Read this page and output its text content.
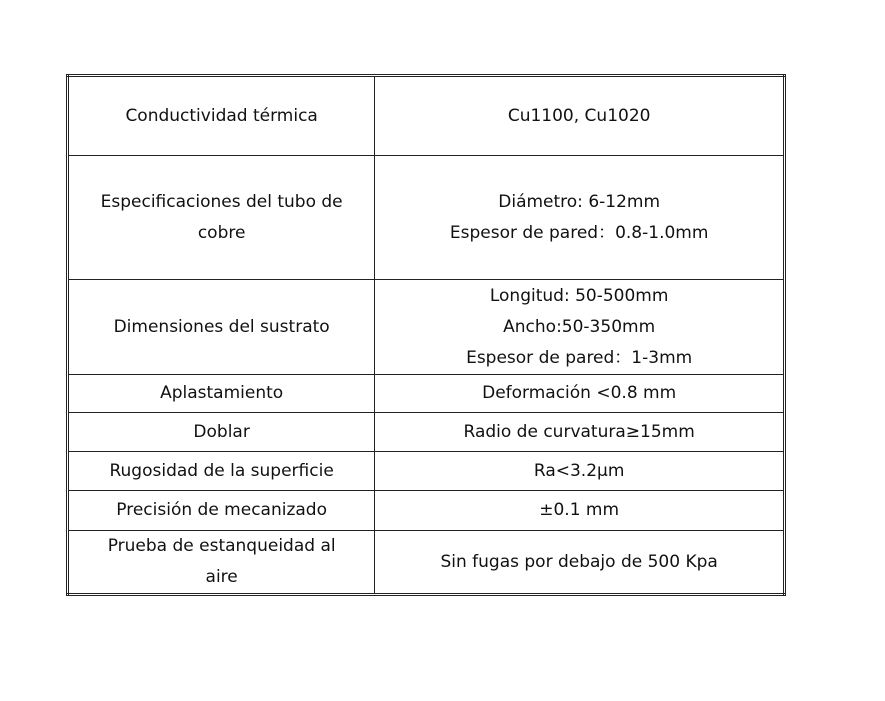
Conductividad térmica	Cu1100, Cu1020

Especificaciones del tubo de
cobre	Diámetro: 6-12mm
Espesor de pared：0.8-1.0mm

Dimensiones del sustrato	Longitud: 50-500mm
Ancho:50-350mm
Espesor de pared：1-3mm

Aplastamiento	Deformación <0.8 mm

Doblar	Radio de curvatura≥15mm

Rugosidad de la superficie	Ra<3.2μm

Precisión de mecanizado	±0.1 mm

Prueba de estanqueidad al aire	Sin fugas por debajo de 500 Kpa
